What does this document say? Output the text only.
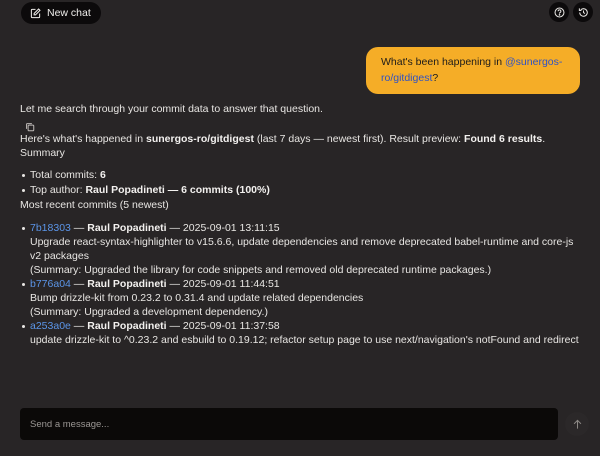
New chat
What's been happening in @sunergos-ro/gitdigest?

Let me search through your commit data to answer that question.

Here's what's happened in sunergos-ro/gitdigest (last 7 days — newest first). Result preview: Found 6 results.

Summary

Total commits: 6
Top author: Raul Popadineti — 6 commits (100%)

Most recent commits (5 newest)

7b18303 — Raul Popadineti — 2025-09-01 13:11:15
Upgrade react-syntax-highlighter to v15.6.6, update dependencies and remove deprecated babel-runtime and core-js v2 packages
(Summary: Upgraded the library for code snippets and removed old deprecated runtime packages.)
b776a04 — Raul Popadineti — 2025-09-01 11:44:51
Bump drizzle-kit from 0.23.2 to 0.31.4 and update related dependencies
(Summary: Upgraded a development dependency.)
a253a0e — Raul Popadineti — 2025-09-01 11:37:58
update drizzle-kit to ^0.23.2 and esbuild to 0.19.12; refactor setup page to use next/navigation's notFound and redirect
Send a message...
